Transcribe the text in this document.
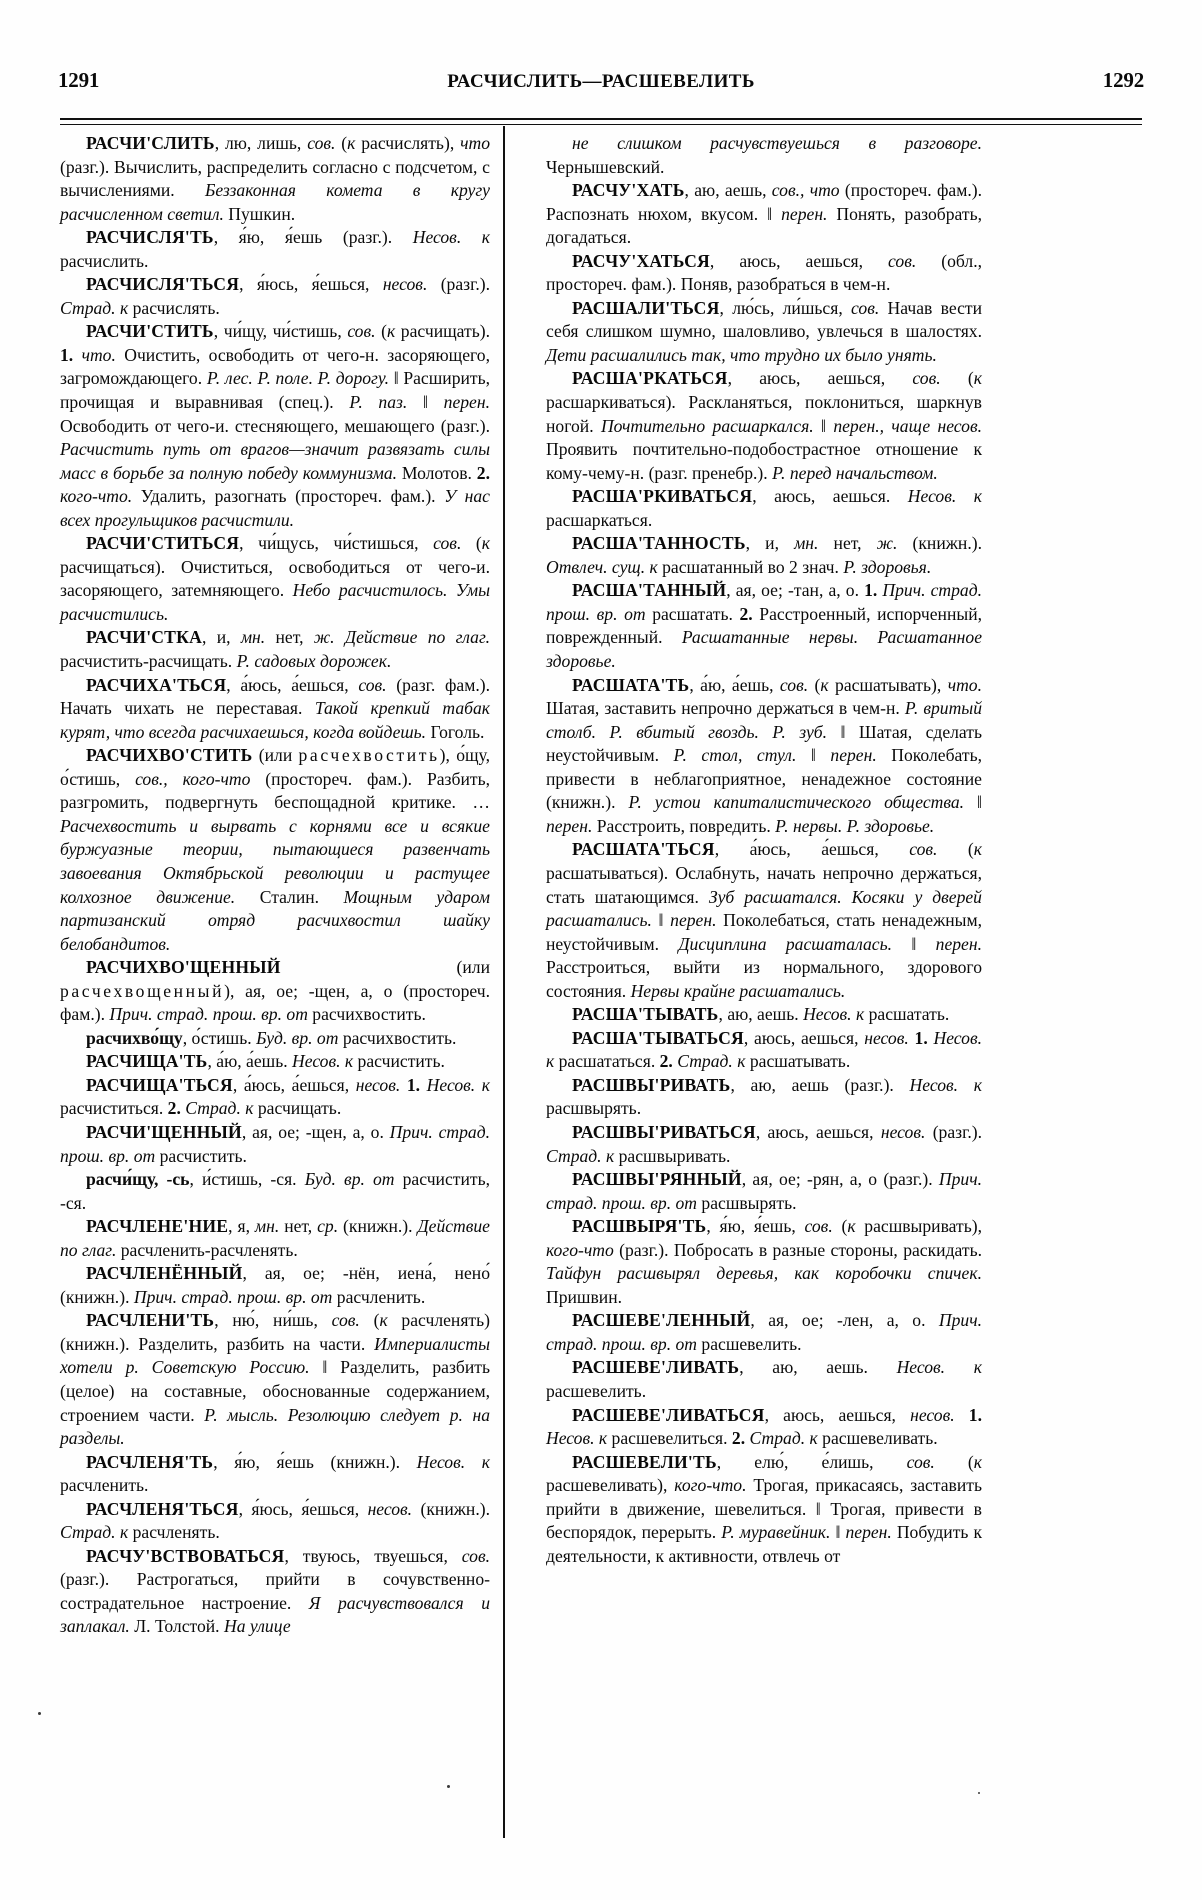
1291	РАСЧИСЛИТЬ—РАСШЕВЕЛИТЬ	1292

РАСЧИ'СЛИТЬ, лю, лишь, сов. (к расчислять), что (разг.). Вычислить, распределить согласно с подсчетом, с вычислениями. Беззаконная комета в кругу расчисленном светил. Пушкин.

РАСЧИСЛЯ'ТЬ, я́ю, я́ешь (разг.). Несов. к расчислить.

РАСЧИСЛЯ'ТЬСЯ, я́юсь, я́ешься, несов. (разг.). Страд. к расчислять.

РАСЧИ'СТИТЬ, чи́щу, чи́стишь, сов. (к расчищать). 1. что. Очистить, освободить от чего-н. засоряющего, загромождающего. Р. лес. Р. поле. Р. дорогу. ‖ Расширить, прочищая и выравнивая (спец.). Р. паз. ‖ перен. Освободить от чего-и. стесняющего, мешающего (разг.). Расчистить путь от врагов—значит развязать силы масс в борьбе за полную победу коммунизма. Молотов. 2. кого-что. Удалить, разогнать (простореч. фам.). У нас всех прогульщиков расчистили.

РАСЧИ'СТИТЬСЯ, чи́щусь, чи́стишься, сов. (к расчищаться). Очиститься, освободиться от чего-и. засоряющего, затемняющего. Небо расчистилось. Умы расчистились.

РАСЧИ'СТКА, и, мн. нет, ж. Действие по глаг. расчистить-расчищать. Р. садовых дорожек.

РАСЧИХА'ТЬСЯ, а́юсь, а́ешься, сов. (разг. фам.). Начать чихать не переставая. Такой крепкий табак курят, что всегда расчихаешься, когда войдешь. Гоголь.

РАСЧИХВО'СТИТЬ (или расчехвостить), о́щу, о́стишь, сов., кого-что (простореч. фам.). Разбить, разгромить, подвергнуть беспощадной критике. …Расчехвостить и вырвать с корнями все и всякие буржуазные теории, пытающиеся развенчать завоевания Октябрьской революции и растущее колхозное движение. Сталин. Мощным ударом партизанский отряд расчихвостил шайку белобандитов.

РАСЧИХВО'ЩЕННЫЙ (или расчехвощенный), ая, ое; -щен, а, о (простореч. фам.). Прич. страд. прош. вр. от расчихвостить.

расчихво́щу, о́стишь. Буд. вр. от расчихвостить.

РАСЧИЩА'ТЬ, а́ю, а́ешь. Несов. к расчистить.

РАСЧИЩА'ТЬСЯ, а́юсь, а́ешься, несов. 1. Несов. к расчиститься. 2. Страд. к расчищать.

РАСЧИ'ЩЕННЫЙ, ая, ое; -щен, а, о. Прич. страд. прош. вр. от расчистить.

расчи́щу, -сь, и́стишь, -ся. Буд. вр. от расчистить, -ся.

РАСЧЛЕНЕ'НИЕ, я, мн. нет, ср. (книжн.). Действие по глаг. расчленить-расчленять.

РАСЧЛЕНЁННЫЙ, ая, ое; -нён, иена́, нено́ (книжн.). Прич. страд. прош. вр. от расчленить.

РАСЧЛЕНИ'ТЬ, ню́, ни́шь, сов. (к расчленять) (книжн.). Разделить, разбить на части. Империалисты хотели р. Советскую Россию. ‖ Разделить, разбить (целое) на составные, обоснованные содержанием, строением части. Р. мысль. Резолюцию следует р. на разделы.

РАСЧЛЕНЯ'ТЬ, я́ю, я́ешь (книжн.). Несов. к расчленить.

РАСЧЛЕНЯ'ТЬСЯ, я́юсь, я́ешься, несов. (книжн.). Страд. к расчленять.

РАСЧУ'ВСТВОВАТЬСЯ, твуюсь, твуешься, сов. (разг.). Растрогаться, прийти в сочувственно-сострадательное настроение. Я расчувствовался и заплакал. Л. Толстой. На улице

не слишком расчувствуешься в разговоре. Чернышевский.

РАСЧУ'ХАТЬ, аю, аешь, сов., что (простореч. фам.). Распознать нюхом, вкусом. ‖ перен. Понять, разобрать, догадаться.

РАСЧУ'ХАТЬСЯ, аюсь, аешься, сов. (обл., простореч. фам.). Поняв, разобраться в чем-н.

РАСШАЛИ'ТЬСЯ, лю́сь, ли́шься, сов. Начав вести себя слишком шумно, шаловливо, увлечься в шалостях. Дети расшалились так, что трудно их было унять.

РАСША'РКАТЬСЯ, аюсь, аешься, сов. (к расшаркиваться). Раскланяться, поклониться, шаркнув ногой. Почтительно расшаркался. ‖ перен., чаще несов. Проявить почтительно-подобострастное отношение к кому-чему-н. (разг. пренебр.). Р. перед начальством.

РАСША'РКИВАТЬСЯ, аюсь, аешься. Несов. к расшаркаться.

РАСША'ТАННОСТЬ, и, мн. нет, ж. (книжн.). Отвлеч. сущ. к расшатанный во 2 знач. Р. здоровья.

РАСША'ТАННЫЙ, ая, ое; -тан, а, о. 1. Прич. страд. прош. вр. от расшатать. 2. Расстроенный, испорченный, поврежденный. Расшатанные нервы. Расшатанное здоровье.

РАСШАТА'ТЬ, а́ю, а́ешь, сов. (к расшатывать), что. Шатая, заставить непрочно держаться в чем-н. Р. вритый столб. Р. вбитый гвоздь. Р. зуб. ‖ Шатая, сделать неустойчивым. Р. стол, стул. ‖ перен. Поколебать, привести в неблагоприятное, ненадежное состояние (книжн.). Р. устои капиталистического общества. ‖ перен. Расстроить, повредить. Р. нервы. Р. здоровье.

РАСШАТА'ТЬСЯ, а́юсь, а́ешься, сов. (к расшатываться). Ослабнуть, начать непрочно держаться, стать шатающимся. Зуб расшатался. Косяки у дверей расшатались. ‖ перен. Поколебаться, стать ненадежным, неустойчивым. Дисциплина расшаталась. ‖ перен. Расстроиться, выйти из нормального, здорового состояния. Нервы крайне расшатались.

РАСША'ТЫВАТЬ, аю, аешь. Несов. к расшатать.

РАСША'ТЫВАТЬСЯ, аюсь, аешься, несов. 1. Несов. к расшататься. 2. Страд. к расшатывать.

РАСШВЫ'РИВАТЬ, аю, аешь (разг.). Несов. к расшвырять.

РАСШВЫ'РИВАТЬСЯ, аюсь, аешься, несов. (разг.). Страд. к расшвыривать.

РАСШВЫ'РЯННЫЙ, ая, ое; -рян, а, о (разг.). Прич. страд. прош. вр. от расшвырять.

РАСШВЫРЯ'ТЬ, я́ю, я́ешь, сов. (к расшвыривать), кого-что (разг.). Побросать в разные стороны, раскидать. Тайфун расшвырял деревья, как коробочки спичек. Пришвин.

РАСШЕВЕ'ЛЕННЫЙ, ая, ое; -лен, а, о. Прич. страд. прош. вр. от расшевелить.

РАСШЕВЕ'ЛИВАТЬ, аю, аешь. Несов. к расшевелить.

РАСШЕВЕ'ЛИВАТЬСЯ, аюсь, аешься, несов. 1. Несов. к расшевелиться. 2. Страд. к расшевеливать.

РАСШЕВЕЛИ'ТЬ, елю́, е́лишь, сов. (к расшевеливать), кого-что. Трогая, прикасаясь, заставить прийти в движение, шевелиться. ‖ Трогая, привести в беспорядок, перерыть. Р. муравейник. ‖ перен. Побудить к деятельности, к активности, отвлечь от
